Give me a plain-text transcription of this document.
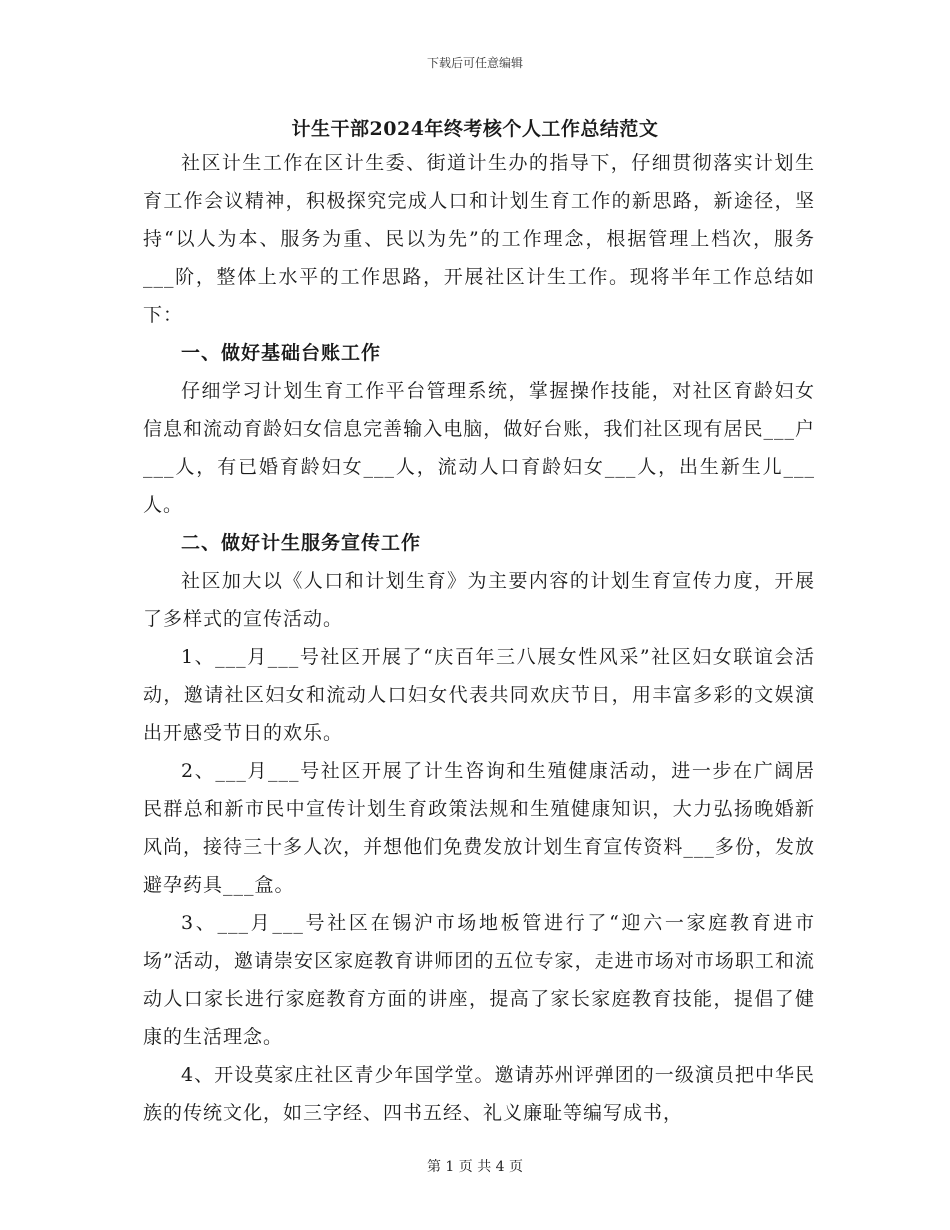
下载后可任意编辑
计生干部2024年终考核个人工作总结范文

社区计生工作在区计生委、街道计生办的指导下，仔细贯彻落实计划生育工作会议精神，积极探究完成人口和计划生育工作的新思路，新途径，坚持“以人为本、服务为重、民以为先”的工作理念，根据管理上档次，服务___阶，整体上水平的工作思路，开展社区计生工作。现将半年工作总结如下：

一、做好基础台账工作

仔细学习计划生育工作平台管理系统，掌握操作技能，对社区育龄妇女信息和流动育龄妇女信息完善输入电脑，做好台账，我们社区现有居民___户___人，有已婚育龄妇女___人，流动人口育龄妇女___人，出生新生儿___人。

二、做好计生服务宣传工作

社区加大以《人口和计划生育》为主要内容的计划生育宣传力度，开展了多样式的宣传活动。

1、___月___号社区开展了“庆百年三八展女性风采”社区妇女联谊会活动，邀请社区妇女和流动人口妇女代表共同欢庆节日，用丰富多彩的文娱演出开感受节日的欢乐。

2、___月___号社区开展了计生咨询和生殖健康活动，进一步在广阔居民群总和新市民中宣传计划生育政策法规和生殖健康知识，大力弘扬晚婚新风尚，接待三十多人次，并想他们免费发放计划生育宣传资料___多份，发放避孕药具___盒。

3、___月___号社区在锡沪市场地板管进行了“迎六一家庭教育进市场”活动，邀请崇安区家庭教育讲师团的五位专家，走进市场对市场职工和流动人口家长进行家庭教育方面的讲座，提高了家长家庭教育技能，提倡了健康的生活理念。

4、开设莫家庄社区青少年国学堂。邀请苏州评弹团的一级演员把中华民族的传统文化，如三字经、四书五经、礼义廉耻等编写成书，

第 1 页 共 4 页
